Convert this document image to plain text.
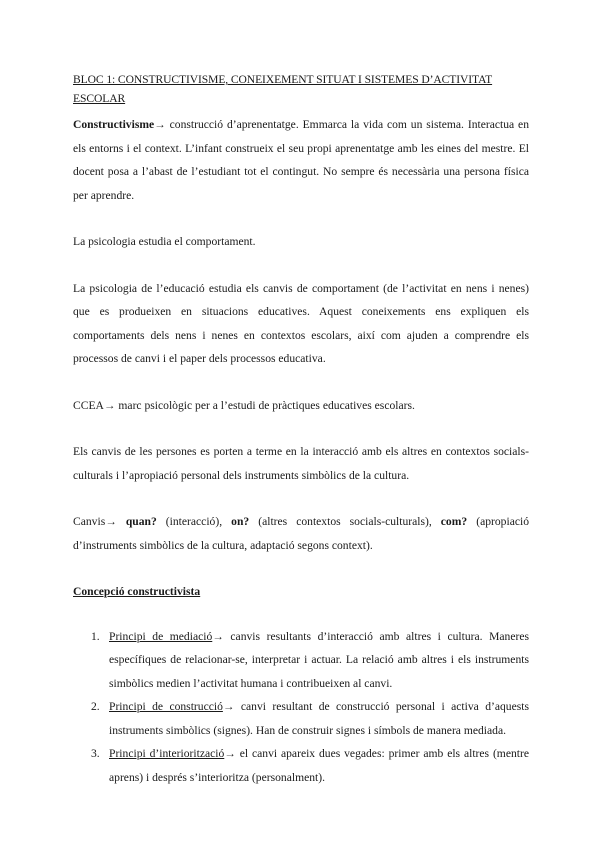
BLOC 1: CONSTRUCTIVISME, CONEIXEMENT SITUAT I SISTEMES D’ACTIVITAT ESCOLAR

Constructivisme→ construcció d’aprenentatge. Emmarca la vida com un sistema. Interactua en els entorns i el context. L’infant construeix el seu propi aprenentatge amb les eines del mestre. El docent posa a l’abast de l’estudiant tot el contingut. No sempre és necessària una persona física per aprendre.

La psicologia estudia el comportament.

La psicologia de l’educació estudia els canvis de comportament (de l’activitat en nens i nenes) que es produeixen en situacions educatives. Aquest coneixements ens expliquen els comportaments dels nens i nenes en contextos escolars, així com ajuden a comprendre els processos de canvi i el paper dels processos educativa.

CCEA→ marc psicològic per a l’estudi de pràctiques educatives escolars.

Els canvis de les persones es porten a terme en la interacció amb els altres en contextos socials-culturals i l’apropiació personal dels instruments simbòlics de la cultura.

Canvis→ quan? (interacció), on? (altres contextos socials-culturals), com? (apropiació d’instruments simbòlics de la cultura, adaptació segons context).

Concepció constructivista
1. Principi de mediació→ canvis resultants d’interacció amb altres i cultura. Maneres específiques de relacionar-se, interpretar i actuar. La relació amb altres i els instruments simbòlics medien l’activitat humana i contribueixen al canvi.
2. Principi de construcció→ canvi resultant de construcció personal i activa d’aquests instruments simbòlics (signes). Han de construir signes i símbols de manera mediada.
3. Principi d’interiorització→ el canvi apareix dues vegades: primer amb els altres (mentre aprens) i després s’interioritza (personalment).
